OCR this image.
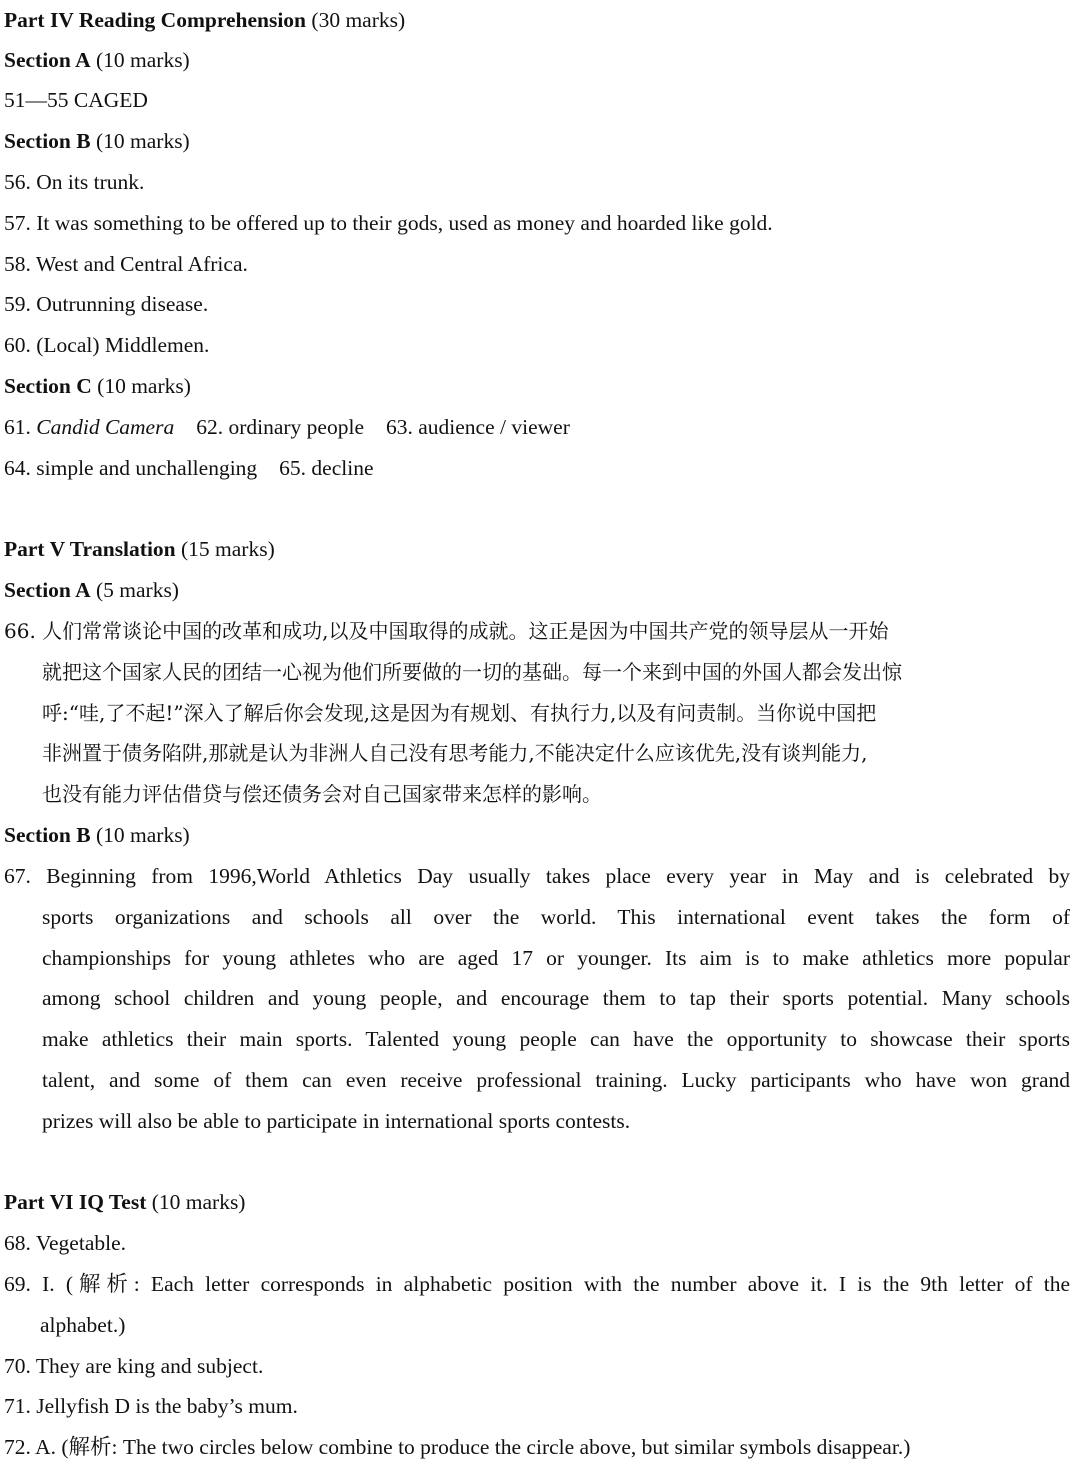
Part IV Reading Comprehension (30 marks)
Section A (10 marks)
51—55 CAGED
Section B (10 marks)
56. On its trunk.
57. It was something to be offered up to their gods, used as money and hoarded like gold.
58. West and Central Africa.
59. Outrunning disease.
60. (Local) Middlemen.
Section C (10 marks)
61. Candid Camera 62. ordinary people 63. audience / viewer
64. simple and unchallenging 65. decline
Part V Translation (15 marks)
Section A (5 marks)
66. 人们常常谈论中国的改革和成功,以及中国取得的成就。这正是因为中国共产党的领导层从一开始
就把这个国家人民的团结一心视为他们所要做的一切的基础。每一个来到中国的外国人都会发出惊
呼:“哇,了不起!”深入了解后你会发现,这是因为有规划、有执行力,以及有问责制。当你说中国把
非洲置于债务陷阱,那就是认为非洲人自己没有思考能力,不能决定什么应该优先,没有谈判能力,
也没有能力评估借贷与偿还债务会对自己国家带来怎样的影响。
Section B (10 marks)
67. Beginning from 1996,World Athletics Day usually takes place every year in May and is celebrated by
sports organizations and schools all over the world. This international event takes the form of
championships for young athletes who are aged 17 or younger. Its aim is to make athletics more popular
among school children and young people, and encourage them to tap their sports potential. Many schools
make athletics their main sports. Talented young people can have the opportunity to showcase their sports
talent, and some of them can even receive professional training. Lucky participants who have won grand
prizes will also be able to participate in international sports contests.
Part VI IQ Test (10 marks)
68. Vegetable.
69. I. (解析: Each letter corresponds in alphabetic position with the number above it. I is the 9th letter of the
alphabet.)
70. They are king and subject.
71. Jellyfish D is the baby’s mum.
72. A. (解析: The two circles below combine to produce the circle above, but similar symbols disappear.)
